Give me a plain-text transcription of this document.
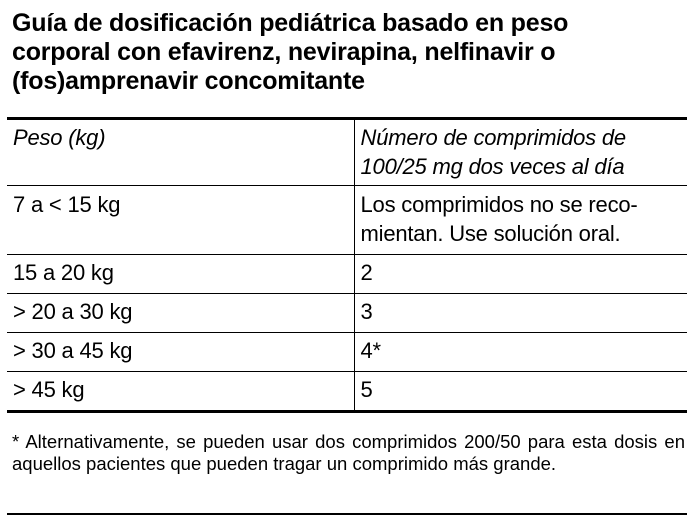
Guía de dosificación pediátrica basado en peso
corporal con efavirenz, nevirapina, nelfinavir o
(fos)amprenavir concomitante
Peso (kg)	Número de comprimidos de
100/25 mg dos veces al día
7 a < 15 kg	Los comprimidos no se reco-
mientan. Use solución oral.
15 a 20 kg	2
> 20 a 30 kg	3
> 30 a 45 kg	4*
> 45 kg	5
* Alternativamente, se pueden usar dos comprimidos 200/50 para esta dosis en aquellos pacientes que pueden tragar un comprimido más grande.
